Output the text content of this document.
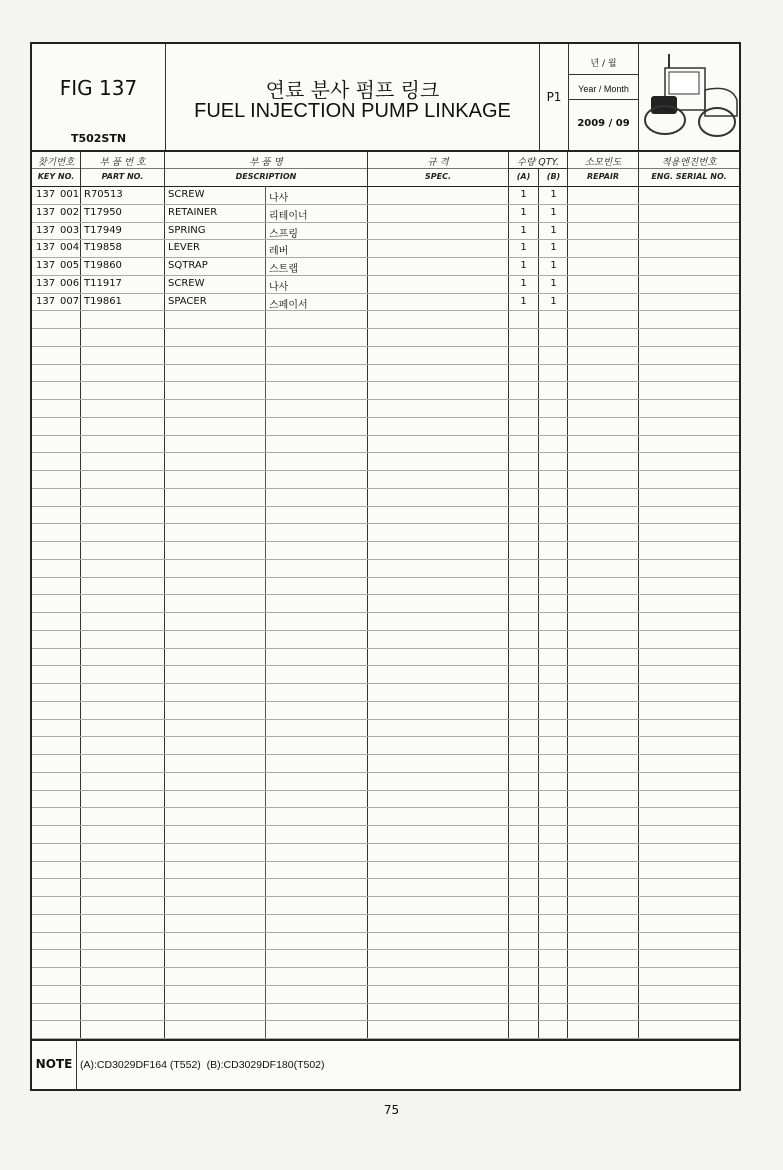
FIG 137
T502STN
연료 분사 펌프 링크
FUEL INJECTION PUMP LINKAGE
P1
년 / 월
Year / Month
2009 / 09
찾기번호
KEY NO.
부 품 번 호
PART NO.
부 품 명
DESCRIPTION
규 격
SPEC.
수량 QTY.
(A)	(B)
소모빈도
REPAIR
적용엔진번호
ENG. SERIAL NO.
137 001 R70513	SCREW	나사	1	1
137 002 T17950	RETAINER	리테이너	1	1
137 003 T17949	SPRING	스프링	1	1
137 004 T19858	LEVER	레버	1	1
137 005 T19860	SQTRAP	스트랩	1	1
137 006 T11917	SCREW	나사	1	1
137 007 T19861	SPACER	스페이서	1	1
NOTE (A):CD3029DF164 (T552)  (B):CD3029DF180(T502)
75
